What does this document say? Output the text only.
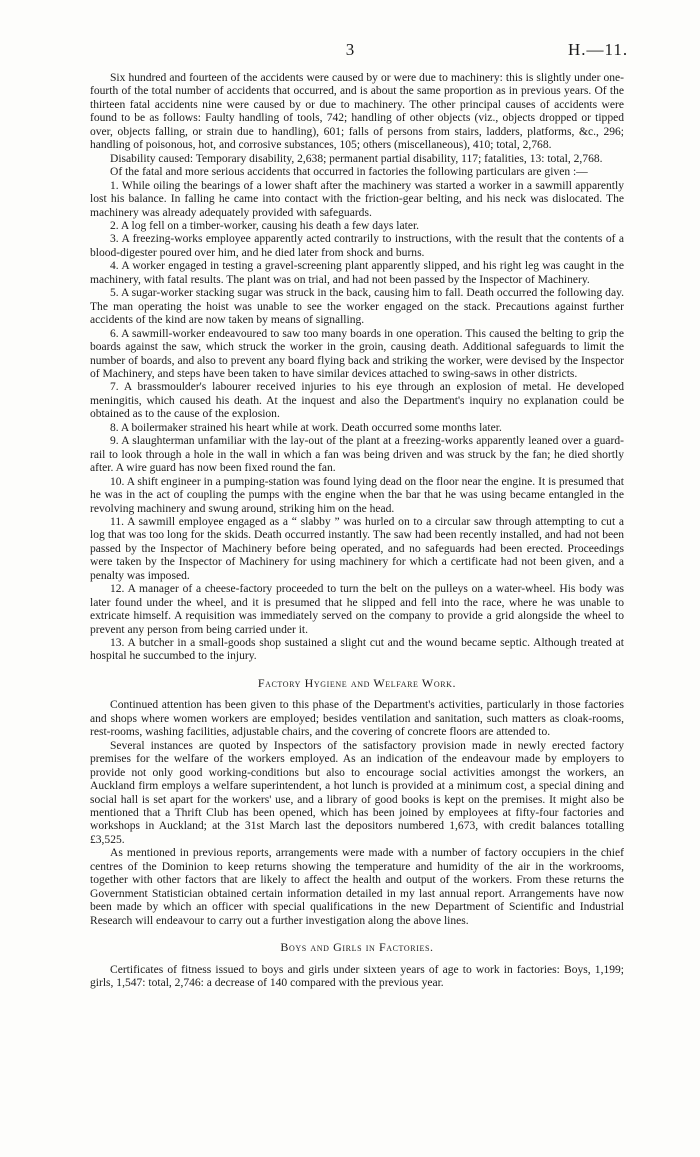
3	H.—11.

Six hundred and fourteen of the accidents were caused by or were due to machinery: this is slightly under one-fourth of the total number of accidents that occurred, and is about the same proportion as in previous years. Of the thirteen fatal accidents nine were caused by or due to machinery. The other principal causes of accidents were found to be as follows: Faulty handling of tools, 742; handling of other objects (viz., objects dropped or tipped over, objects falling, or strain due to handling), 601; falls of persons from stairs, ladders, platforms, &c., 296; handling of poisonous, hot, and corrosive substances, 105; others (miscellaneous), 410; total, 2,768.

Disability caused: Temporary disability, 2,638; permanent partial disability, 117; fatalities, 13: total, 2,768.

Of the fatal and more serious accidents that occurred in factories the following particulars are given :—

1. While oiling the bearings of a lower shaft after the machinery was started a worker in a sawmill apparently lost his balance. In falling he came into contact with the friction-gear belting, and his neck was dislocated. The machinery was already adequately provided with safeguards.

2. A log fell on a timber-worker, causing his death a few days later.

3. A freezing-works employee apparently acted contrarily to instructions, with the result that the contents of a blood-digester poured over him, and he died later from shock and burns.

4. A worker engaged in testing a gravel-screening plant apparently slipped, and his right leg was caught in the machinery, with fatal results. The plant was on trial, and had not been passed by the Inspector of Machinery.

5. A sugar-worker stacking sugar was struck in the back, causing him to fall. Death occurred the following day. The man operating the hoist was unable to see the worker engaged on the stack. Precautions against further accidents of the kind are now taken by means of signalling.

6. A sawmill-worker endeavoured to saw too many boards in one operation. This caused the belting to grip the boards against the saw, which struck the worker in the groin, causing death. Additional safeguards to limit the number of boards, and also to prevent any board flying back and striking the worker, were devised by the Inspector of Machinery, and steps have been taken to have similar devices attached to swing-saws in other districts.

7. A brassmoulder's labourer received injuries to his eye through an explosion of metal. He developed meningitis, which caused his death. At the inquest and also the Department's inquiry no explanation could be obtained as to the cause of the explosion.

8. A boilermaker strained his heart while at work. Death occurred some months later.

9. A slaughterman unfamiliar with the lay-out of the plant at a freezing-works apparently leaned over a guard-rail to look through a hole in the wall in which a fan was being driven and was struck by the fan; he died shortly after. A wire guard has now been fixed round the fan.

10. A shift engineer in a pumping-station was found lying dead on the floor near the engine. It is presumed that he was in the act of coupling the pumps with the engine when the bar that he was using became entangled in the revolving machinery and swung around, striking him on the head.

11. A sawmill employee engaged as a “ slabby ” was hurled on to a circular saw through attempting to cut a log that was too long for the skids. Death occurred instantly. The saw had been recently installed, and had not been passed by the Inspector of Machinery before being operated, and no safeguards had been erected. Proceedings were taken by the Inspector of Machinery for using machinery for which a certificate had not been given, and a penalty was imposed.

12. A manager of a cheese-factory proceeded to turn the belt on the pulleys on a water-wheel. His body was later found under the wheel, and it is presumed that he slipped and fell into the race, where he was unable to extricate himself. A requisition was immediately served on the company to provide a grid alongside the wheel to prevent any person from being carried under it.

13. A butcher in a small-goods shop sustained a slight cut and the wound became septic. Although treated at hospital he succumbed to the injury.

Factory Hygiene and Welfare Work.

Continued attention has been given to this phase of the Department's activities, particularly in those factories and shops where women workers are employed; besides ventilation and sanitation, such matters as cloak-rooms, rest-rooms, washing facilities, adjustable chairs, and the covering of concrete floors are attended to.

Several instances are quoted by Inspectors of the satisfactory provision made in newly erected factory premises for the welfare of the workers employed. As an indication of the endeavour made by employers to provide not only good working-conditions but also to encourage social activities amongst the workers, an Auckland firm employs a welfare superintendent, a hot lunch is provided at a minimum cost, a special dining and social hall is set apart for the workers' use, and a library of good books is kept on the premises. It might also be mentioned that a Thrift Club has been opened, which has been joined by employees at fifty-four factories and workshops in Auckland; at the 31st March last the depositors numbered 1,673, with credit balances totalling £3,525.

As mentioned in previous reports, arrangements were made with a number of factory occupiers in the chief centres of the Dominion to keep returns showing the temperature and humidity of the air in the workrooms, together with other factors that are likely to affect the health and output of the workers. From these returns the Government Statistician obtained certain information detailed in my last annual report. Arrangements have now been made by which an officer with special qualifications in the new Department of Scientific and Industrial Research will endeavour to carry out a further investigation along the above lines.

Boys and Girls in Factories.

Certificates of fitness issued to boys and girls under sixteen years of age to work in factories: Boys, 1,199; girls, 1,547: total, 2,746: a decrease of 140 compared with the previous year.
